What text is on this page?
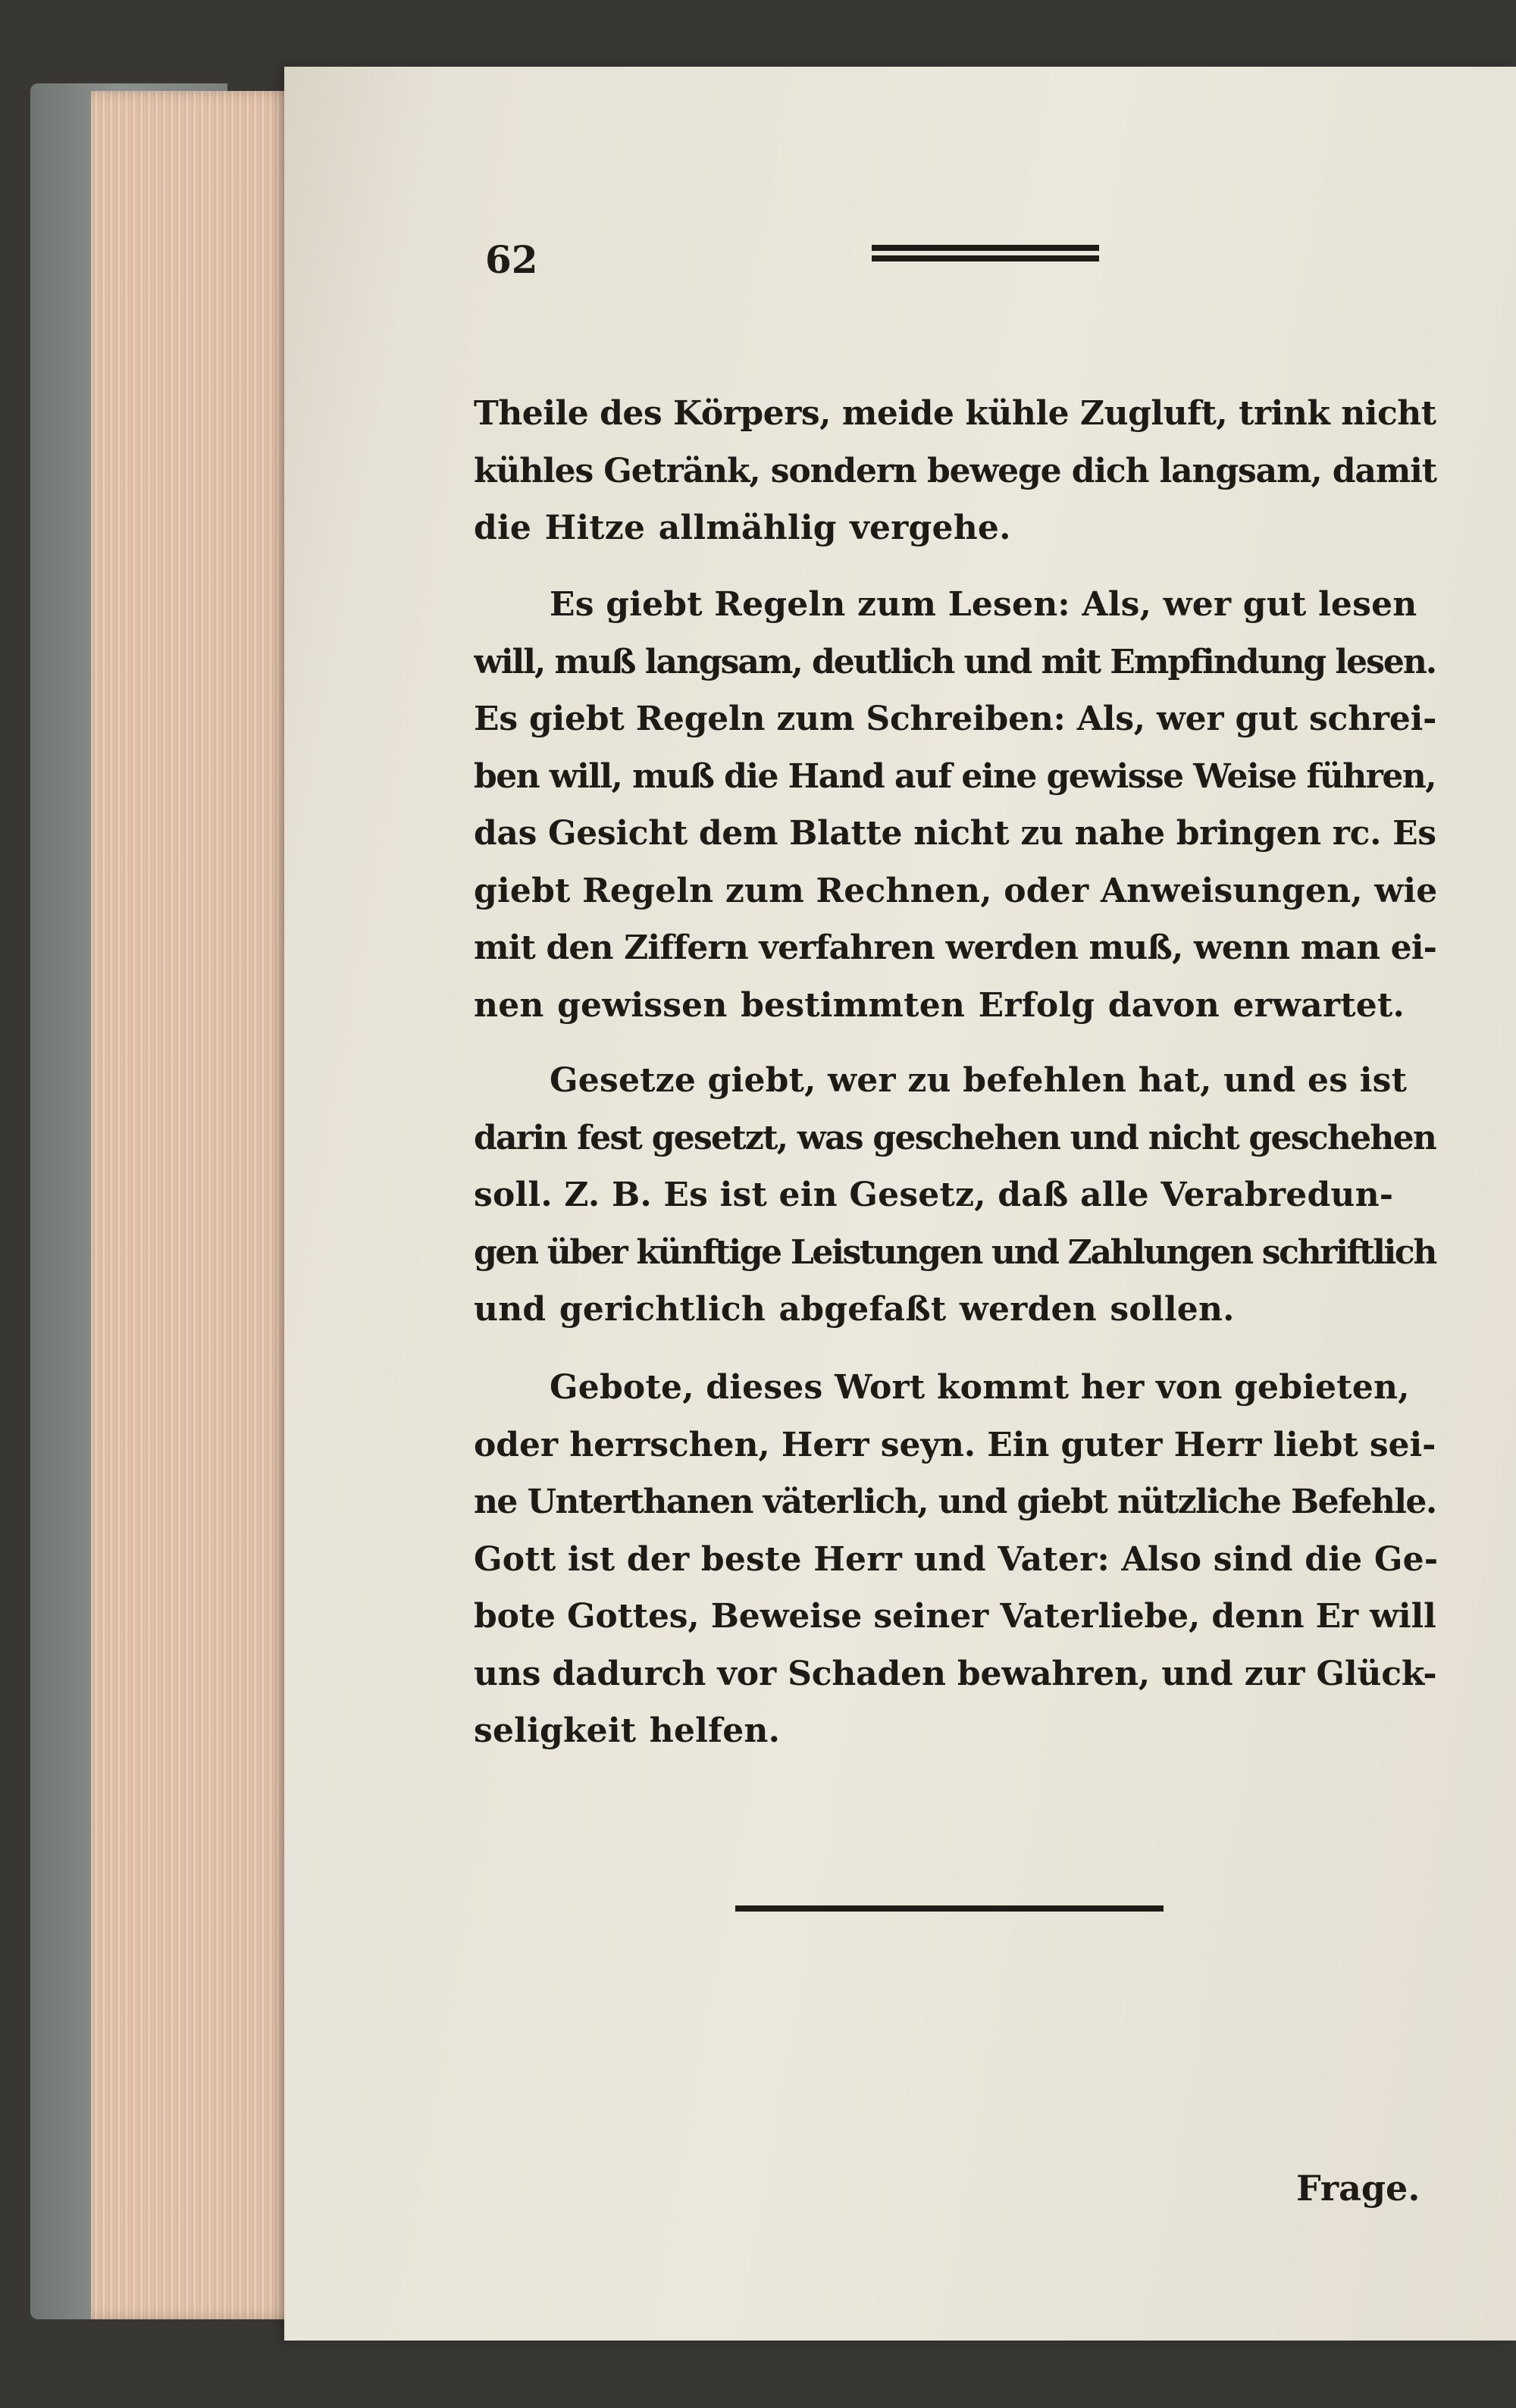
62
Theile des Körpers, meide kühle Zugluft, trink nicht
kühles Getränk, sondern bewege dich langsam, damit
die Hitze allmählig vergehe.
Es giebt Regeln zum Lesen: Als, wer gut lesen
will, muß langsam, deutlich und mit Empfindung lesen.
Es giebt Regeln zum Schreiben: Als, wer gut schrei-
ben will, muß die Hand auf eine gewisse Weise führen,
das Gesicht dem Blatte nicht zu nahe bringen rc. Es
giebt Regeln zum Rechnen, oder Anweisungen, wie
mit den Ziffern verfahren werden muß, wenn man ei-
nen gewissen bestimmten Erfolg davon erwartet.
Gesetze giebt, wer zu befehlen hat, und es ist
darin fest gesetzt, was geschehen und nicht geschehen
soll. Z. B. Es ist ein Gesetz, daß alle Verabredun-
gen über künftige Leistungen und Zahlungen schriftlich
und gerichtlich abgefaßt werden sollen.
Gebote, dieses Wort kommt her von gebieten,
oder herrschen, Herr seyn. Ein guter Herr liebt sei-
ne Unterthanen väterlich, und giebt nützliche Befehle.
Gott ist der beste Herr und Vater: Also sind die Ge-
bote Gottes, Beweise seiner Vaterliebe, denn Er will
uns dadurch vor Schaden bewahren, und zur Glück-
seligkeit helfen.
Frage.
